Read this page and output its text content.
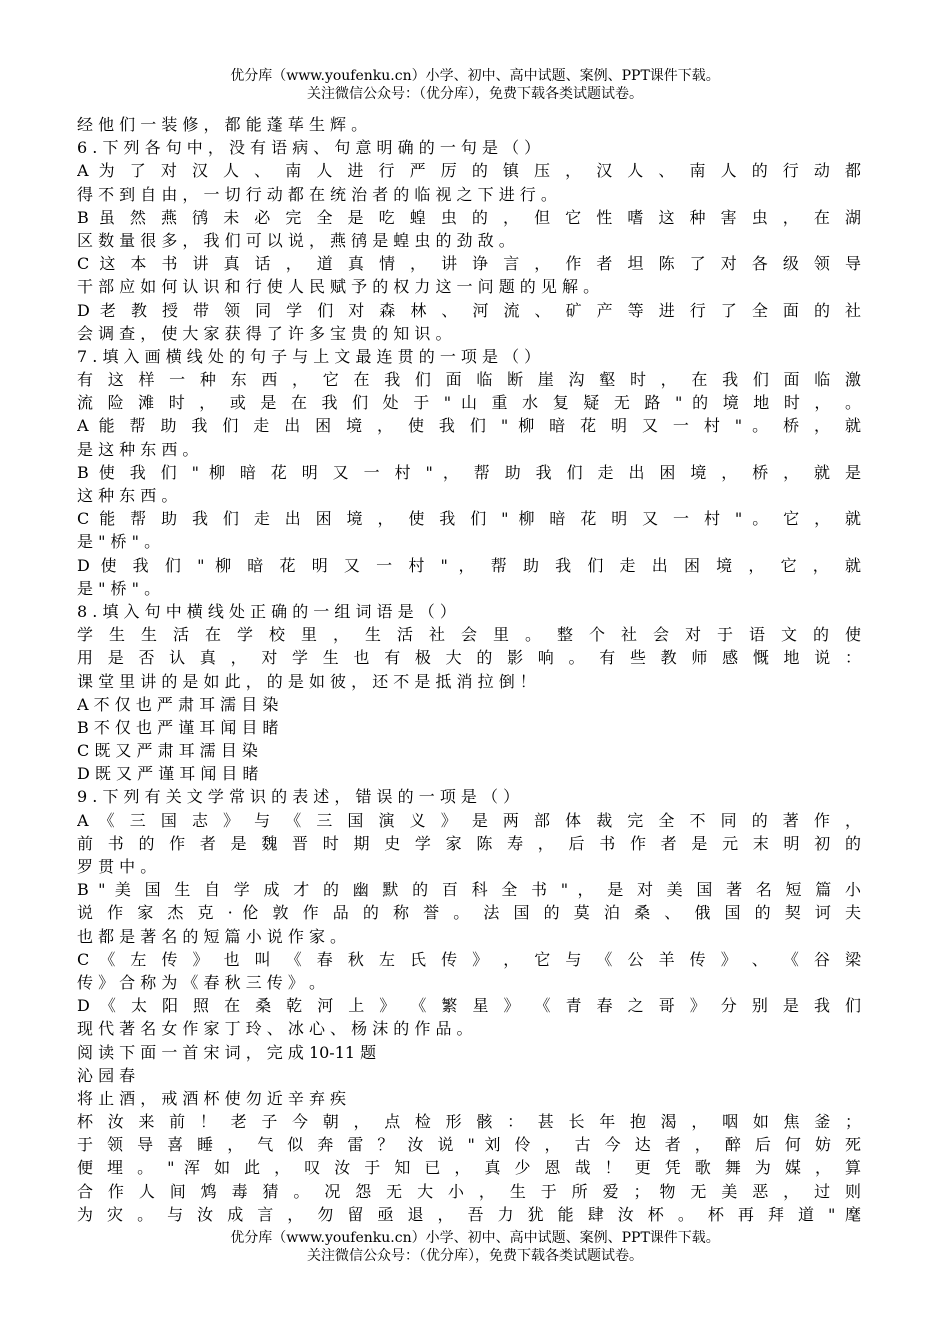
优分库（www.youfenku.cn）小学、初中、高中试题、案例、PPT课件下载。
关注微信公众号：（优分库），免费下载各类试题试卷。
经 他 们 一 装 修 ， 都 能 蓬 荜 生 辉 。
6 . 下 列 各 句 中 ， 没 有 语 病 、 句 意 明 确 的 一 句 是 （ ）
A 为 了 对 汉 人 、 南 人 进 行 严 厉 的 镇 压 ， 汉 人 、 南 人 的 行 动 都
得 不 到 自 由 ， 一 切 行 动 都 在 统 治 者 的 临 视 之 下 进 行 。
B 虽 然 燕 鸻 未 必 完 全 是 吃 蝗 虫 的 ， 但 它 性 嗜 这 种 害 虫 ， 在 湖
区 数 量 很 多 ， 我 们 可 以 说 ， 燕 鸻 是 蝗 虫 的 劲 敌 。
C 这 本 书 讲 真 话 ， 道 真 情 ， 讲 诤 言 ， 作 者 坦 陈 了 对 各 级 领 导
干 部 应 如 何 认 识 和 行 使 人 民 赋 予 的 权 力 这 一 问 题 的 见 解 。
D 老 教 授 带 领 同 学 们 对 森 林 、 河 流 、 矿 产 等 进 行 了 全 面 的 社
会 调 查 ， 使 大 家 获 得 了 许 多 宝 贵 的 知 识 。
7 . 填 入 画 横 线 处 的 句 子 与 上 文 最 连 贯 的 一 项 是 （ ）
有 这 样 一 种 东 西 ， 它 在 我 们 面 临 断 崖 沟 壑 时 ， 在 我 们 面 临 激
流 险 滩 时 ， 或 是 在 我 们 处 于 " 山 重 水 复 疑 无 路 " 的 境 地 时 ， 。
A 能 帮 助 我 们 走 出 困 境 ， 使 我 们 " 柳 暗 花 明 又 一 村 " 。 桥 ， 就
是 这 种 东 西 。
B 使 我 们 " 柳 暗 花 明 又 一 村 " ， 帮 助 我 们 走 出 困 境 ， 桥 ， 就 是
这 种 东 西 。
C 能 帮 助 我 们 走 出 困 境 ， 使 我 们 " 柳 暗 花 明 又 一 村 " 。 它 ， 就
是 " 桥 " 。
D 使 我 们 " 柳 暗 花 明 又 一 村 " ， 帮 助 我 们 走 出 困 境 ， 它 ， 就
是 " 桥 " 。
8 . 填 入 句 中 横 线 处 正 确 的 一 组 词 语 是 （ ）
学 生 生 活 在 学 校 里 ， 生 活 社 会 里 。 整 个 社 会 对 于 语 文 的 使
用 是 否 认 真 ， 对 学 生 也 有 极 大 的 影 响 。 有 些 教 师 感 慨 地 说 ：
课 堂 里 讲 的 是 如 此 ， 的 是 如 彼 ， 还 不 是 抵 消 拉 倒 ！
A 不 仅 也 严 肃 耳 濡 目 染
B 不 仅 也 严 谨 耳 闻 目 睹
C 既 又 严 肃 耳 濡 目 染
D 既 又 严 谨 耳 闻 目 睹
9 . 下 列 有 关 文 学 常 识 的 表 述 ， 错 误 的 一 项 是 （ ）
A 《 三 国 志 》 与 《 三 国 演 义 》 是 两 部 体 裁 完 全 不 同 的 著 作 ，
前 书 的 作 者 是 魏 晋 时 期 史 学 家 陈 寿 ， 后 书 作 者 是 元 末 明 初 的
罗 贯 中 。
B " 美 国 生 自 学 成 才 的 幽 默 的 百 科 全 书 " ， 是 对 美 国 著 名 短 篇 小
说 作 家 杰 克 · 伦 敦 作 品 的 称 誉 。 法 国 的 莫 泊 桑 、 俄 国 的 契 诃 夫
也 都 是 著 名 的 短 篇 小 说 作 家 。
C 《 左 传 》 也 叫 《 春 秋 左 氏 传 》 ， 它 与 《 公 羊 传 》 、 《 谷 梁
传 》 合 称 为 《 春 秋 三 传 》 。
D 《 太 阳 照 在 桑 乾 河 上 》 《 繁 星 》 《 青 春 之 哥 》 分 别 是 我 们
现 代 著 名 女 作 家 丁 玲 、 冰 心 、 杨 沫 的 作 品 。
阅 读 下 面 一 首 宋 词 ， 完 成 10-11 题
沁 园 春
将 止 酒 ， 戒 酒 杯 使 勿 近 辛 弃 疾
杯 汝 来 前 ！ 老 子 今 朝 ， 点 检 形 骸 ： 甚 长 年 抱 渴 ， 咽 如 焦 釜 ；
于 领 导 喜 睡 ， 气 似 奔 雷 ？ 汝 说 " 刘 伶 ， 古 今 达 者 ， 醉 后 何 妨 死
便 埋 。 " 浑 如 此 ， 叹 汝 于 知 已 ， 真 少 恩 哉 ！ 更 凭 歌 舞 为 媒 ， 算
合 作 人 间 鸩 毒 猜 。 况 怨 无 大 小 ， 生 于 所 爱 ； 物 无 美 恶 ， 过 则
为 灾 。 与 汝 成 言 ， 勿 留 亟 退 ， 吾 力 犹 能 肆 汝 杯 。 杯 再 拜 道 " 麾
优分库（www.youfenku.cn）小学、初中、高中试题、案例、PPT课件下载。
关注微信公众号：（优分库），免费下载各类试题试卷。
